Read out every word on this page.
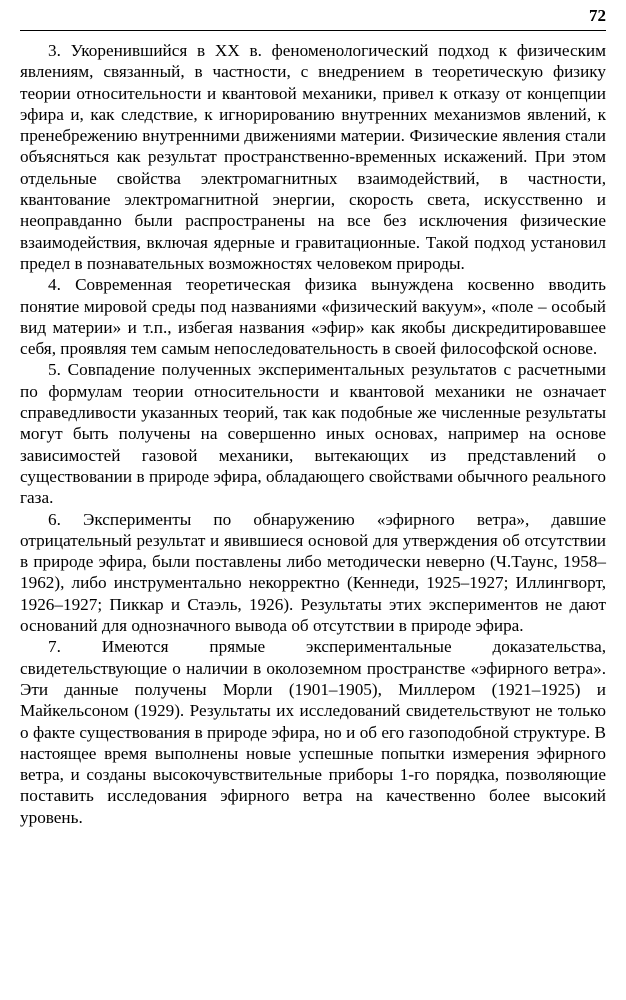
72

3. Укоренившийся в XX в. феноменологический подход к физическим явлениям, связанный, в частности, с внедрением в теоретическую физику теории относительности и квантовой механики, привел к отказу от концепции эфира и, как следствие, к игнорированию внутренних механизмов явлений, к пренебрежению внутренними движениями материи. Физические явления стали объясняться как результат пространственно-временных искажений. При этом отдельные свойства электромагнитных взаимодействий, в частности, квантование электромагнитной энергии, скорость света, искусственно и неоправданно были распространены на все без исключения физические взаимодействия, включая ядерные и гравитационные. Такой подход установил предел в познавательных возможностях человеком природы.

4. Современная теоретическая физика вынуждена косвенно вводить понятие мировой среды под названиями «физический вакуум», «поле – особый вид материи» и т.п., избегая названия «эфир» как якобы дискредитировавшее себя, проявляя тем самым непоследовательность в своей философской основе.

5. Совпадение полученных экспериментальных результатов с расчетными по формулам теории относительности и квантовой механики не означает справедливости указанных теорий, так как подобные же численные результаты могут быть получены на совершенно иных основах, например на основе зависимостей газовой механики, вытекающих из представлений о существовании в природе эфира, обладающего свойствами обычного реального газа.

6. Эксперименты по обнаружению «эфирного ветра», давшие отрицательный результат и явившиеся основой для утверждения об отсутствии в природе эфира, были поставлены либо методически неверно (Ч.Таунс, 1958–1962), либо инструментально некорректно (Кеннеди, 1925–1927; Иллингворт, 1926–1927; Пиккар и Стаэль, 1926). Результаты этих экспериментов не дают оснований для однозначного вывода об отсутствии в природе эфира.

7. Имеются прямые экспериментальные доказательства, свидетельствующие о наличии в околоземном пространстве «эфирного ветра». Эти данные получены Морли (1901–1905), Миллером (1921–1925) и Майкельсоном (1929). Результаты их исследований свидетельствуют не только о факте существования в природе эфира, но и об его газоподобной структуре. В настоящее время выполнены новые успешные попытки измерения эфирного ветра, и созданы высокочувствительные приборы 1-го порядка, позволяющие поставить исследования эфирного ветра на качественно более высокий уровень.
